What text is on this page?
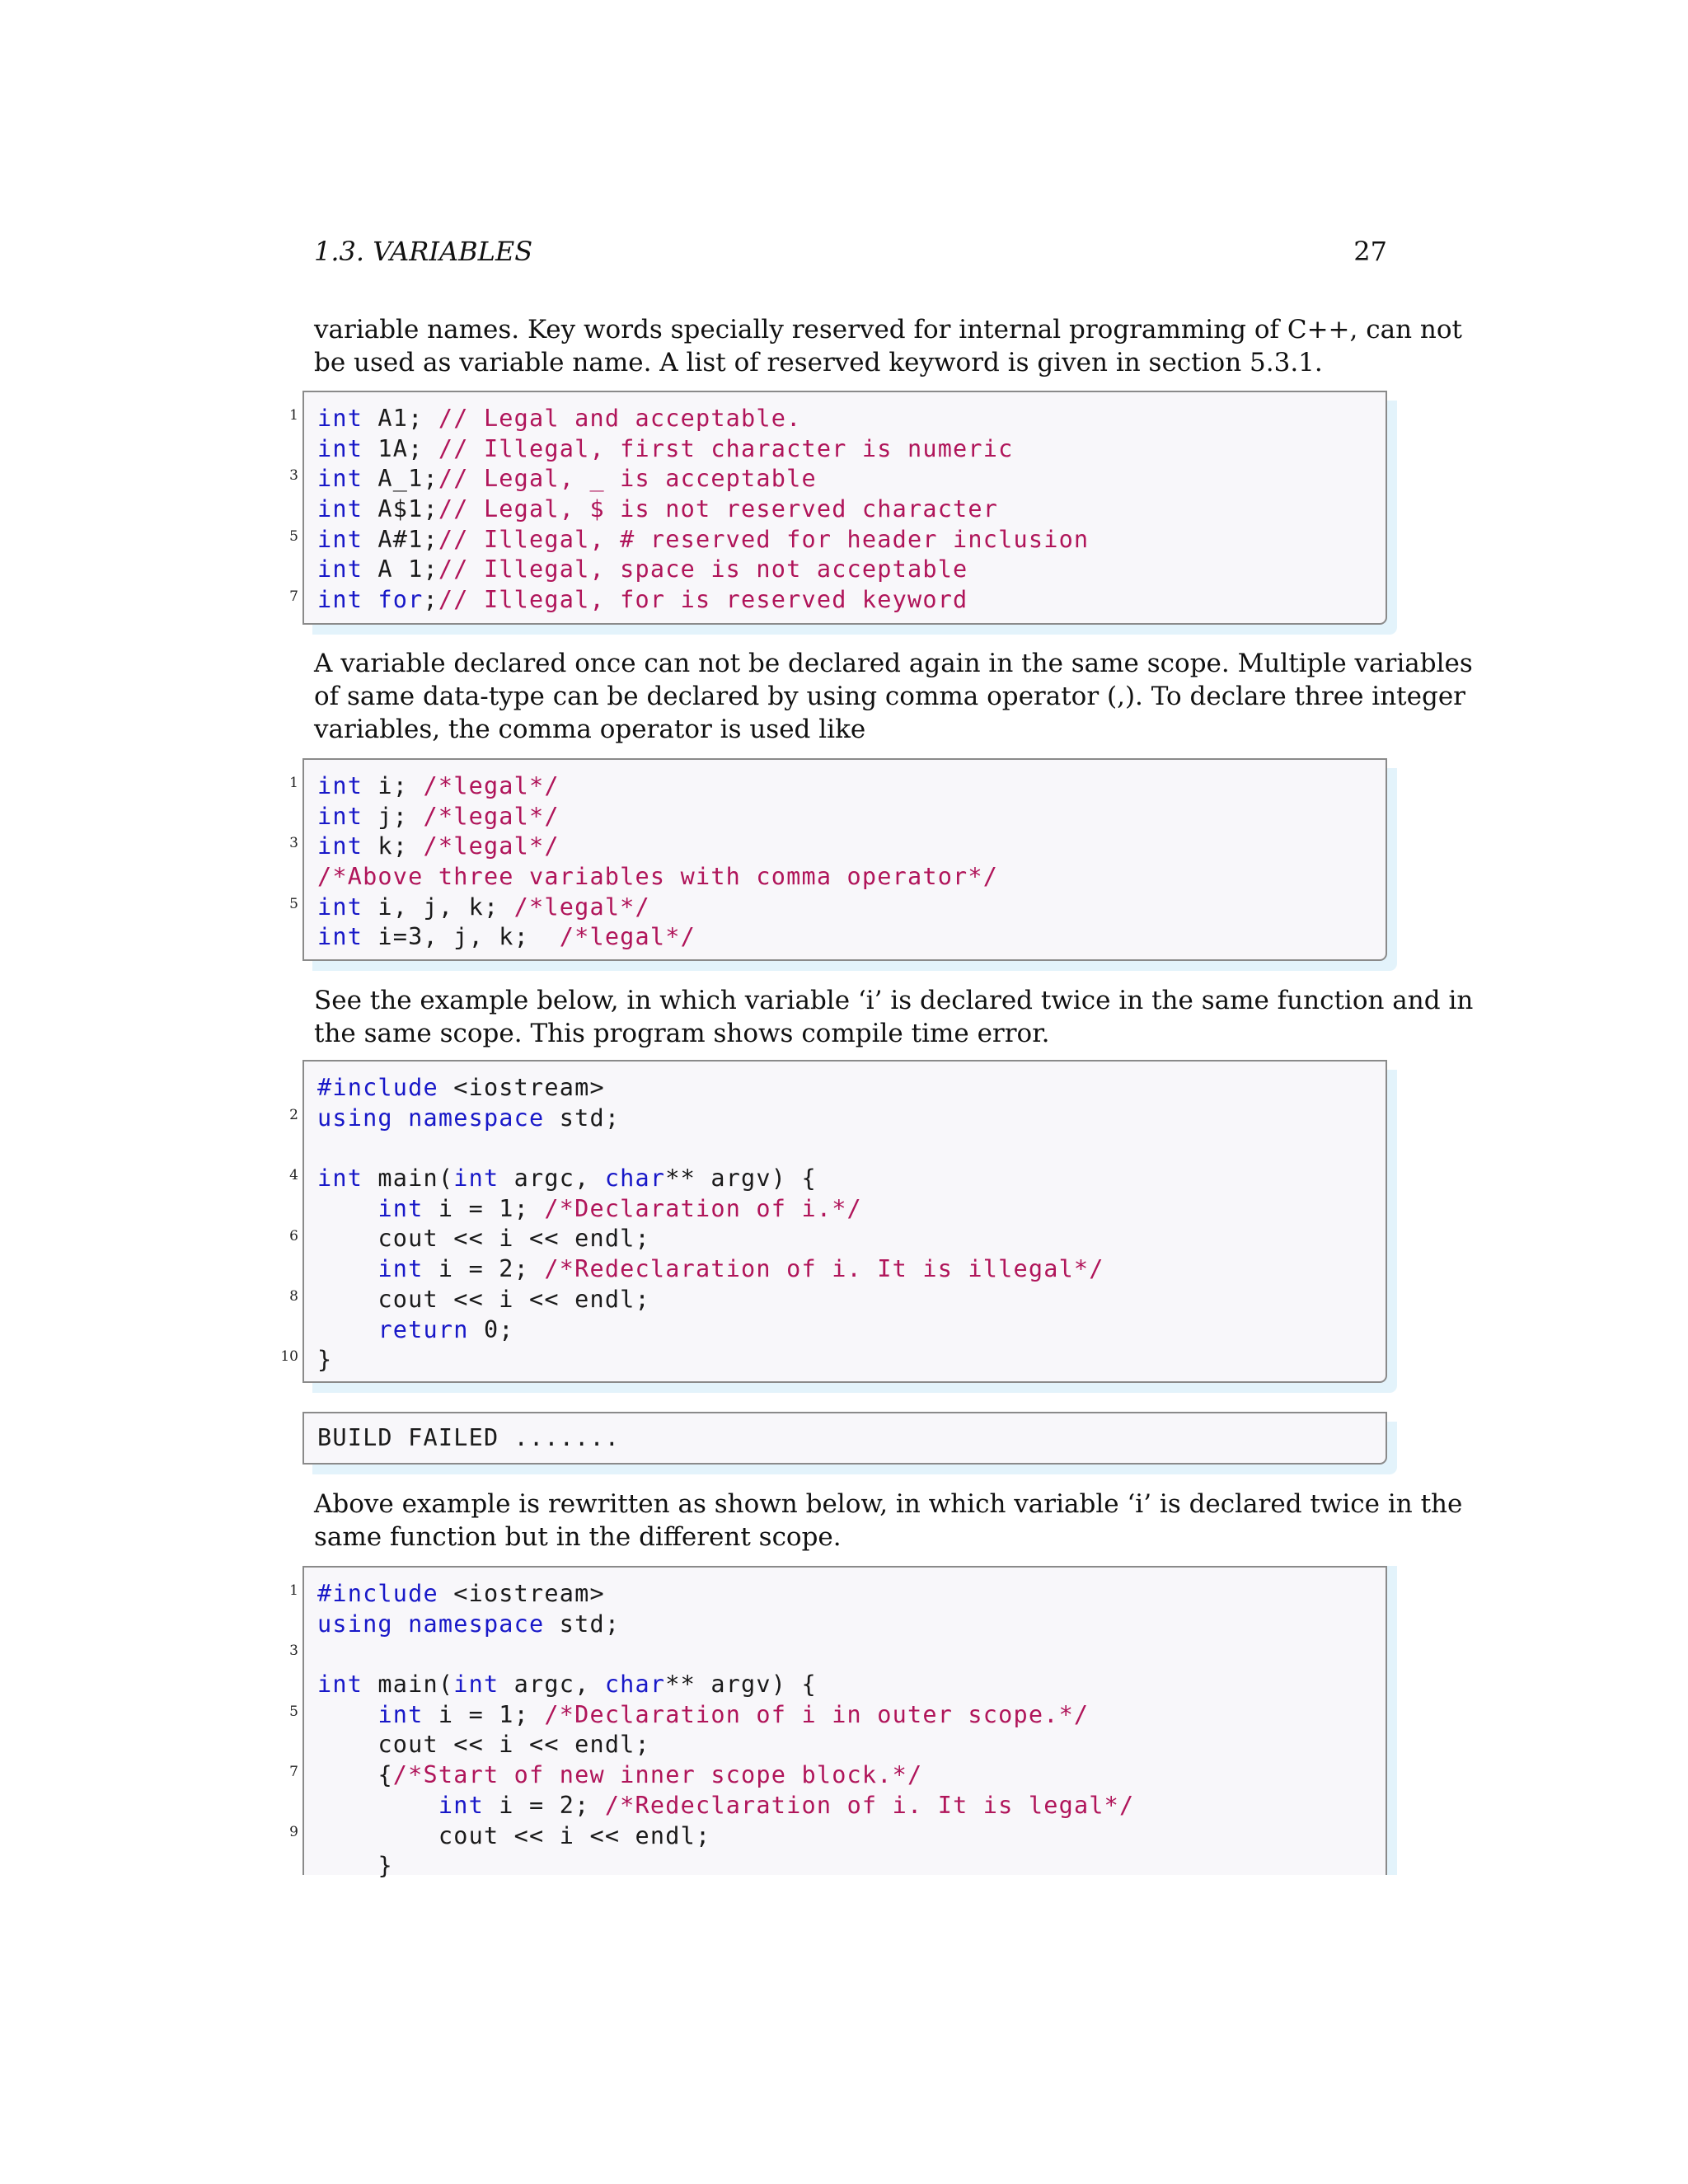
1.3. VARIABLES	27

variable names. Key words specially reserved for internal programming of C++, can not
be used as variable name. A list of reserved keyword is given in section 5.3.1.

1
3
5
7
int A1; // Legal and acceptable.
int 1A; // Illegal, first character is numeric
int A_1;// Legal, _ is acceptable
int A$1;// Legal, $ is not reserved character
int A#1;// Illegal, # reserved for header inclusion
int A 1;// Illegal, space is not acceptable
int for;// Illegal, for is reserved keyword

A variable declared once can not be declared again in the same scope. Multiple variables
of same data-type can be declared by using comma operator (,). To declare three integer
variables, the comma operator is used like

1
3
5
int i; /*legal*/
int j; /*legal*/
int k; /*legal*/
/*Above three variables with comma operator*/
int i, j, k; /*legal*/
int i=3, j, k;  /*legal*/

See the example below, in which variable ‘i’ is declared twice in the same function and in
the same scope. This program shows compile time error.

2
4
6
8
10
#include <iostream>
using namespace std;
int main(int argc, char** argv) {
int i = 1; /*Declaration of i.*/
cout << i << endl;
int i = 2; /*Redeclaration of i. It is illegal*/
cout << i << endl;
return 0;
}
BUILD FAILED .......

Above example is rewritten as shown below, in which variable ‘i’ is declared twice in the
same function but in the different scope.

1
3
5
7
9
#include <iostream>
using namespace std;
int main(int argc, char** argv) {
int i = 1; /*Declaration of i in outer scope.*/
cout << i << endl;
{/*Start of new inner scope block.*/
int i = 2; /*Redeclaration of i. It is legal*/
cout << i << endl;
}
